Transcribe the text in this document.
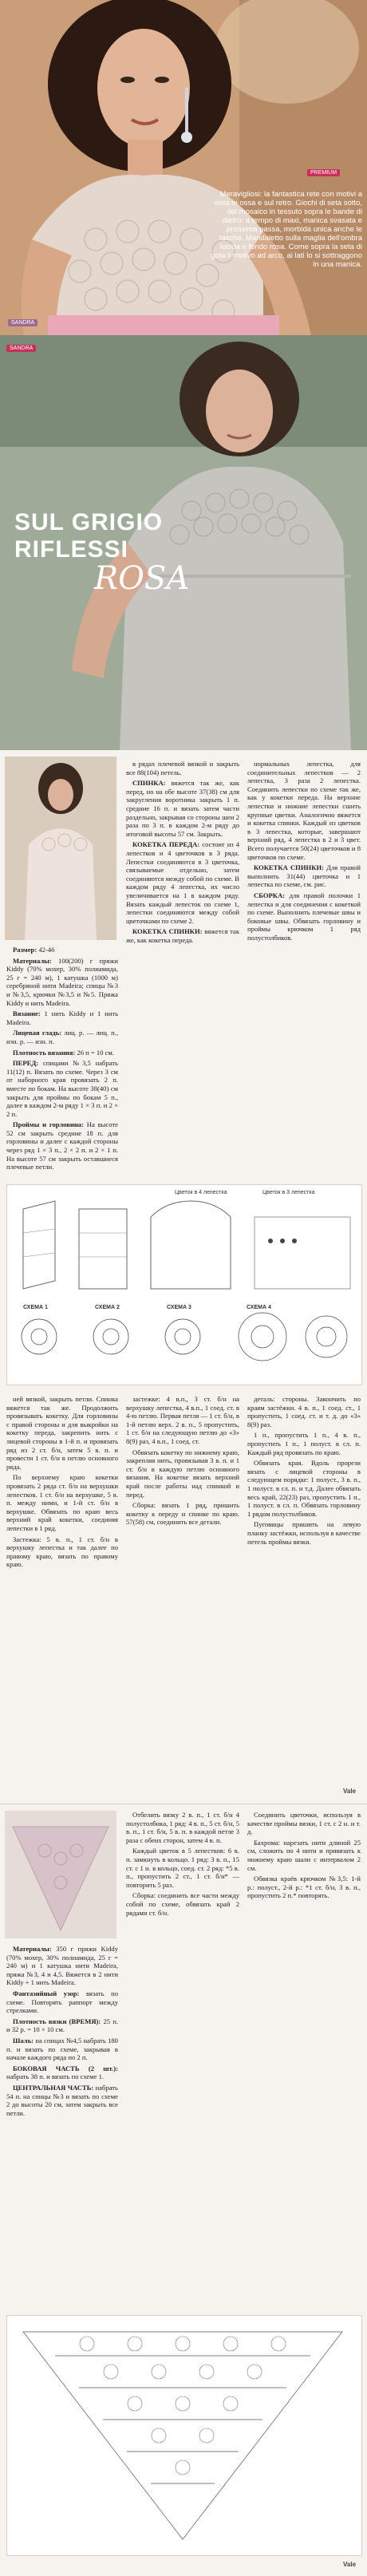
PREMIUM
Meravigliosi: la fantastica rete con motivi a vista in ossa e sul retro. Giochi di seta sotto, del mosaico in tessuto sopra le bande di dietro: a tempo di maxi, manica svasata e prossima passa, morbida unica anche le tasche. Mandaletto sulla maglia dell'ombra lucida e fondo rosa. Come sopra la seta di gola il motivo ad arco, ai lati lo si sottraggono in una manica.
SANDRA
SANDRA
SUL GRIGIO
RIFLESSI
ROSA

Размер: 42-46

Материалы: 100(200) г пряжи Kiddy (70% мохер, 30% полиамида, 25 г = 240 м), 1 катушка (1000 м) серебряной нити Madeira; спицы №3 и №3,5, крючки №3,5 и №5. Пряжа Kiddy и нить Madeira.

Вязание: 1 нить Kiddy и 1 нить Madeira.

Лицевая гладь: лиц. р. — лиц. п., изн. р. — изн. п.

Плотность вязания: 26 п = 10 см.

ПЕРЕД: спицами №3,5 набрать 11(12) п. Вязать по схеме. Через 3 см от наборного края провязать 2 п. вместе по бокам. На высоте 38(40) см закрыть для проймы по бокам 5 п., далее в каждом 2-м ряду 1 × 3 п. и 2 × 2 п.

Проймы и горловина: На высоте 52 см закрыть средние 18 п. для горловины и далее с каждой стороны через ряд 1 × 3 п., 2 × 2 п. и 2 × 1 п. На высоте 57 см закрыть оставшиеся плечевые петли.

в рядах плечевой вязкой и закрыть все 88(104) петель.

СПИНКА: вяжется так же, как перед, но на обе высоте 37(38) см для закругления воротника закрыть 1 п. средние 16 п. и вязать затем части раздельно, закрывая со стороны шеи 2 раза по 3 п. в каждом 2-м ряду до итоговой высоты 57 см. Закрыть.

КОКЕТКА ПЕРЕДА: состоит из 4 лепестков и 4 цветочков в 3 ряда. Лепестки соединяются в 3 цветочка, связываемые отдельно, затем соединяются между собой по схеме. В каждом ряду 4 лепестка, их число увеличивается на 1 в каждом ряду. Вязать каждый лепесток по схеме 1, лепестки соединяются между собой цветочками по схеме 2.

КОКЕТКА СПИНКИ: вяжется так же, как кокетка переда.

нормальных лепестка, для соединительных лепестков — 2 лепестка, 3 раза 2 лепестка. Соединить лепестки по схеме так же, как у кокетки переда. На верхние лепестки и нижние лепестки сшить крупные цветки. Аналогично вяжется и кокетка спинки. Каждый из цветков в 3 лепестка, которые, завершают верхний ряд, 4 лепестка в 2 и 3 цвет. Всего получается 50(24) цветочков и 8 цветочков по схеме.

КОКЕТКА СПИНКИ: Для правой выполнить 31(44) цветочка и 1 лепестка по схеме, см. рис.

СБОРКА: для правой полочки 1 лепестка и для соединения с кокеткой по схеме. Выполнить плечевые швы и боковые швы. Обвязать горловину и проймы крючком 1 ряд полустолбиков.

Цветок в 4 лепестка	Цветок в 3 лепестка
СХЕМА 1	СХЕМА 2	СХЕМА 3	СХЕМА 4

ней вязкой, закрыть петли. Спинка вяжется так же. Продолжить провязывать кокетку. Для горловины с правой стороны и для выкройки на кокетку переда, закрепить нить с лицевой стороны в 1-й п. и провязать ряд из 2 ст. б/н, затем 5 в. п. и провести 1 ст. б/н в петлю основного ряда.

По верхнему краю кокетки провязать 2 ряда ст. б/н на верхушки лепестков. 1 ст. б/н на верхушке, 5 в. п. между ними, и 1-й ст. б/н в верхушке. Обвязать по краю весь верхний край кокетки, соединяя лепестки в 1 ряд.

Застежка: 5 в. п., 1 ст. б/н в верхушку лепестка и так далее по правому краю, вязать по правому краю.

застежке: 4 в.п., 3 ст. б/н на верхушку лепестка, 4 в.п., 1 соед. ст. в 4-ю петлю. Первая петля — 1 ст. б/н, в 1-й петлю верх. 2 в. п., 5 пропустить, 1 ст. б/н на следующую петлю до «3» 8(9) раз, 4 в.п., 1 соед. ст.

Обвязать кокетку по нижнему краю, закрепляя нить, провязывая 3 в. п. и 1 ст. б/н в каждую петлю основного вязания. На кокетке вязать верхний край после работы над спинкой и перед.

Сборка: вязать 1 ряд, пришить кокетку к переду и спинке по краю. 57(58) см, соединить все детали.

деталь: стороны. Закончить по краям застёжки. 4 в. п., 1 соед. ст., 1 пропустить, 1 соед. ст. и т. д. до «3» 8(9) раз.

1 п., пропустить 1 п., 4 в. п., пропустить 1 п., 1 полуст. в сл. п. Каждый ряд провязать по краю.

Обвязать края. Вдоль прорези вязать с лицевой стороны в следующем порядке: 1 полуст., 3 в. п., 1 полуст. в сл. п. и т.д. Далее обвязать весь край, 22(23) раз, пропустить 1 п., 1 полуст. в сл. п. Обвязать горловину 1 рядом полустолбиков.

Пуговицы пришить на левую планку застёжки, используя в качестве петель проймы вязки.

Vale

Материалы: 350 г пряжи Kiddy (70% мохер, 30% полиамида, 25 г = 240 м) и 1 катушка нити Madeira, пряжа №3, 4 и 4,5. Вяжется в 2 нити Kiddy + 1 нить Madeira.

Фантазийный узор: вязать по схеме. Повторять раппорт между стрелками.

Плотность вязки (ВРЕМЯ): 25 п. и 32 р. = 10 × 10 см.

Шаль: на спицах №4,5 набрать 180 п. и вязать по схеме, закрывая в начале каждого ряда по 2 п.

БОКОВАЯ ЧАСТЬ (2 шт.): набрать 38 п. и вязать по схеме 1.

ЦЕНТРАЛЬНАЯ ЧАСТЬ: набрать 54 п. на спицы №3 и вязать по схеме 2 до высоты 20 см, затем закрыть все петли.

Отбелить вязку 2 в. п., 1 ст. б/н 4 полустолбика, 1 ряд: 4 в. п., 5 ст. б/н, 5 в. п., 1 ст. б/н, 5 в. п. в каждой петле 3 раза с обеих сторон, затем 4 в. п.

Каждый цветок в 5 лепестков: 6 в. п. замкнуть в кольцо. 1 ряд: 3 в. п., 15 ст. с 1 н. в кольцо, соед. ст. 2 ряд: *5 в. п., пропустить 2 ст., 1 ст. б/н* — повторить 5 раз.

Сборка: соединить все части между собой по схеме, обвязать край 2 рядами ст. б/н.

Соединить цветочки, используя в качестве проймы вязки, 1 ст. с 2 н. и т. д.

Бахрома: нарезать нити длиной 25 см, сложить по 4 нити и привязать к нижнему краю шали с интервалом 2 см.

Обвязка краёв крючком №3,5: 1-й р.: полуст., 2-й р.: *1 ст. б/н, 3 в. п., пропустить 2 п.* повторять.

Vale
